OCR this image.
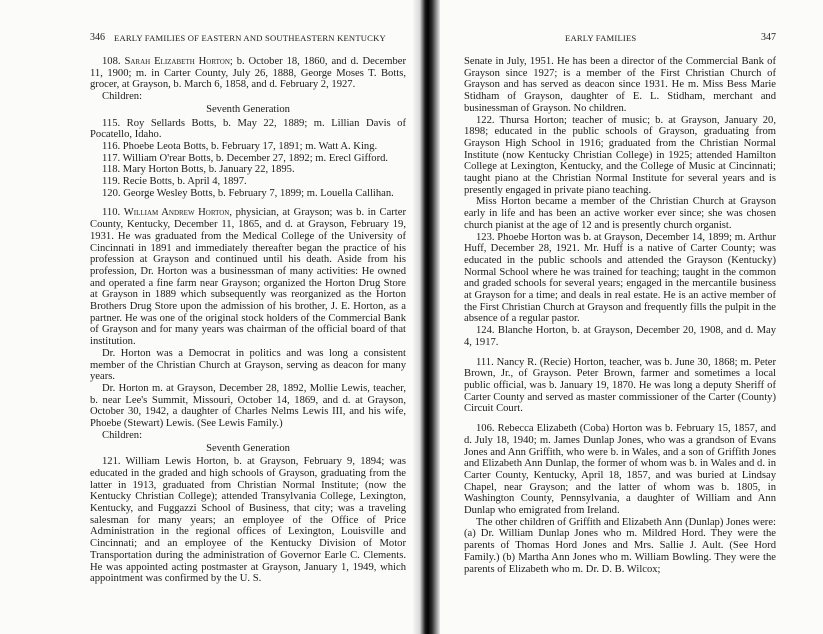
346 EARLY FAMILIES OF EASTERN AND SOUTHEASTERN KENTUCKY

108. Sarah Elizabeth Horton; b. October 18, 1860, and d. December 11, 1900; m. in Carter County, July 26, 1888, George Moses T. Botts, grocer, at Grayson, b. March 6, 1858, and d. February 2, 1927.

Children:
Seventh Generation
115. Roy Sellards Botts, b. May 22, 1889; m. Lillian Davis of Pocatello, Idaho.
116. Phoebe Leota Botts, b. February 17, 1891; m. Watt A. King.
117. William O'rear Botts, b. December 27, 1892; m. Erecl Gifford.
118. Mary Horton Botts, b. January 22, 1895.
119. Recie Botts, b. April 4, 1897.
120. George Wesley Botts, b. February 7, 1899; m. Louella Callihan.

110. William Andrew Horton, physician, at Grayson; was b. in Carter County, Kentucky, December 11, 1865, and d. at Grayson, February 19, 1931. He was graduated from the Medical College of the University of Cincinnati in 1891 and immediately thereafter began the practice of his profession at Grayson and continued until his death. Aside from his profession, Dr. Horton was a businessman of many activities: He owned and operated a fine farm near Grayson; organized the Horton Drug Store at Grayson in 1889 which subsequently was reorganized as the Horton Brothers Drug Store upon the admission of his brother, J. E. Horton, as a partner. He was one of the original stock holders of the Commercial Bank of Grayson and for many years was chairman of the official board of that institution.

Dr. Horton was a Democrat in politics and was long a consistent member of the Christian Church at Grayson, serving as deacon for many years.

Dr. Horton m. at Grayson, December 28, 1892, Mollie Lewis, teacher, b. near Lee's Summit, Missouri, October 14, 1869, and d. at Grayson, October 30, 1942, a daughter of Charles Nelms Lewis III, and his wife, Phoebe (Stewart) Lewis. (See Lewis Family.)

Children:
Seventh Generation

121. William Lewis Horton, b. at Grayson, February 9, 1894; was educated in the graded and high schools of Grayson, graduating from the latter in 1913, graduated from Christian Normal Institute; (now the Kentucky Christian College); attended Transylvania College, Lexington, Kentucky, and Fuggazzi School of Business, that city; was a traveling salesman for many years; an employee of the Office of Price Administration in the regional offices of Lexington, Louisville and Cincinnati; and an employee of the Kentucky Division of Motor Transportation during the administration of Governor Earle C. Clements. He was appointed acting postmaster at Grayson, January 1, 1949, which appointment was confirmed by the U. S.

EARLY FAMILIES	347

Senate in July, 1951. He has been a director of the Commercial Bank of Grayson since 1927; is a member of the First Christian Church of Grayson and has served as deacon since 1931. He m. Miss Bess Marie Stidham of Grayson, daughter of E. L. Stidham, merchant and businessman of Grayson. No children.

122. Thursa Horton; teacher of music; b. at Grayson, January 20, 1898; educated in the public schools of Grayson, graduating from Grayson High School in 1916; graduated from the Christian Normal Institute (now Kentucky Christian College) in 1925; attended Hamilton College at Lexington, Kentucky, and the College of Music at Cincinnati; taught piano at the Christian Normal Institute for several years and is presently engaged in private piano teaching.

Miss Horton became a member of the Christian Church at Grayson early in life and has been an active worker ever since; she was chosen church pianist at the age of 12 and is presently church organist.

123. Phoebe Horton was b. at Grayson, December 14, 1899; m. Arthur Huff, December 28, 1921. Mr. Huff is a native of Carter County; was educated in the public schools and attended the Grayson (Kentucky) Normal School where he was trained for teaching; taught in the common and graded schools for several years; engaged in the mercantile business at Grayson for a time; and deals in real estate. He is an active member of the First Christian Church at Grayson and frequently fills the pulpit in the absence of a regular pastor.

124. Blanche Horton, b. at Grayson, December 20, 1908, and d. May 4, 1917.

111. Nancy R. (Recie) Horton, teacher, was b. June 30, 1868; m. Peter Brown, Jr., of Grayson. Peter Brown, farmer and sometimes a local public official, was b. January 19, 1870. He was long a deputy Sheriff of Carter County and served as master commissioner of the Carter (County) Circuit Court.

106. Rebecca Elizabeth (Coba) Horton was b. February 15, 1857, and d. July 18, 1940; m. James Dunlap Jones, who was a grandson of Evans Jones and Ann Griffith, who were b. in Wales, and a son of Griffith Jones and Elizabeth Ann Dunlap, the former of whom was b. in Wales and d. in Carter County, Kentucky, April 18, 1857, and was buried at Lindsay Chapel, near Grayson; and the latter of whom was b. 1805, in Washington County, Pennsylvania, a daughter of William and Ann Dunlap who emigrated from Ireland.

The other children of Griffith and Elizabeth Ann (Dunlap) Jones were: (a) Dr. William Dunlap Jones who m. Mildred Hord. They were the parents of Thomas Hord Jones and Mrs. Sallie J. Ault. (See Hord Family.) (b) Martha Ann Jones who m. William Bowling. They were the parents of Elizabeth who m. Dr. D. B. Wilcox;
